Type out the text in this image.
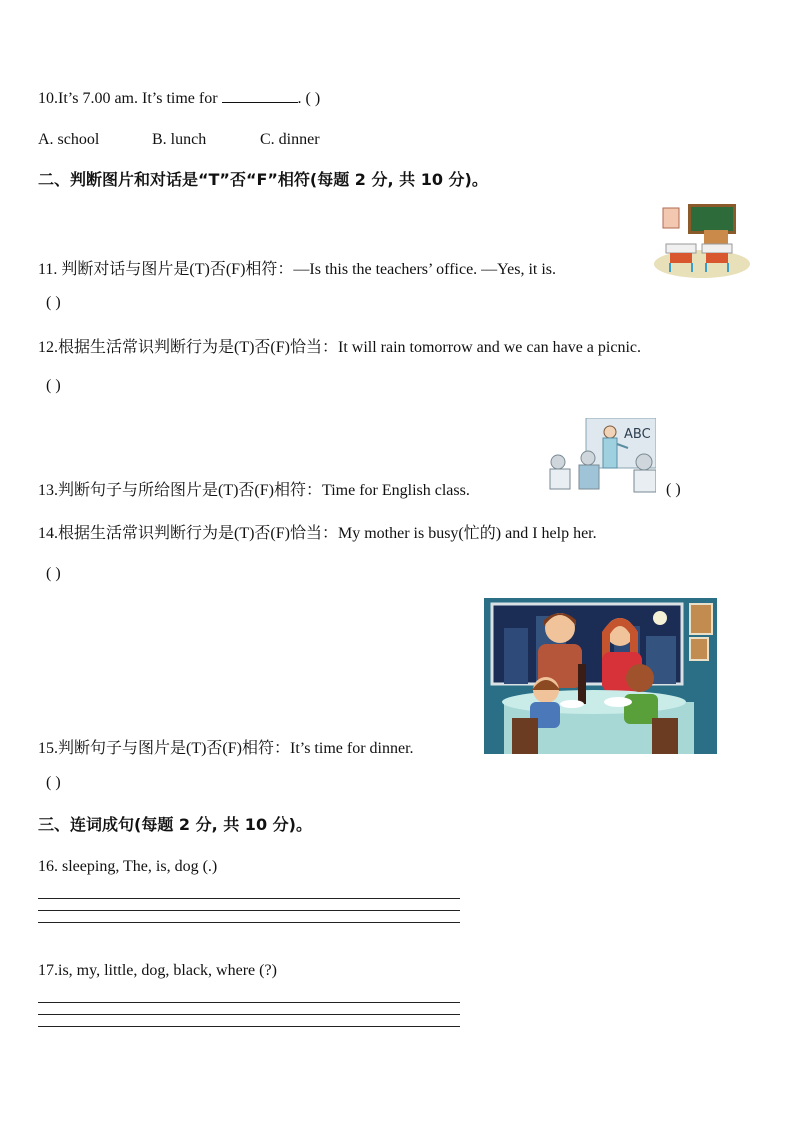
10.It’s 7.00 am. It’s time for	. ( )
A. school	B. lunch	C. dinner
二、判断图片和对话是“T”否“F”相符(每题 2 分, 共 10 分)。
11. 判断对话与图片是(T)否(F)相符：—Is this the teachers’ office. —Yes, it is.
( )
12.根据生活常识判断行为是(T)否(F)恰当：It will rain tomorrow and we can have a picnic.
( )
ABC
13.判断句子与所给图片是(T)否(F)相符：Time for English class.	( )
14.根据生活常识判断行为是(T)否(F)恰当：My mother is busy(忙的) and I help her.
( )
15.判断句子与图片是(T)否(F)相符：It’s time for dinner.
( )
三、连词成句(每题 2 分, 共 10 分)。
16. sleeping, The, is, dog (.)
17.is, my, little, dog, black, where (?)
